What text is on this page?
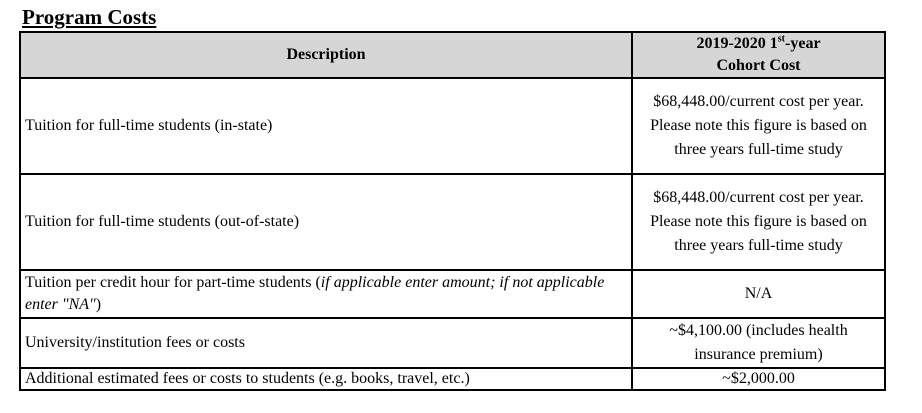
Program Costs
Description	2019-2020 1st-year
Cohort Cost
Tuition for full-time students (in-state)	$68,448.00/current cost per year. Please note this figure is based on three years full-time study
Tuition for full-time students (out-of-state)	$68,448.00/current cost per year. Please note this figure is based on three years full-time study
Tuition per credit hour for part-time students (if applicable enter amount; if not applicable enter "NA")	N/A
University/institution fees or costs	~$4,100.00 (includes health insurance premium)
Additional estimated fees or costs to students (e.g. books, travel, etc.)	~$2,000.00
